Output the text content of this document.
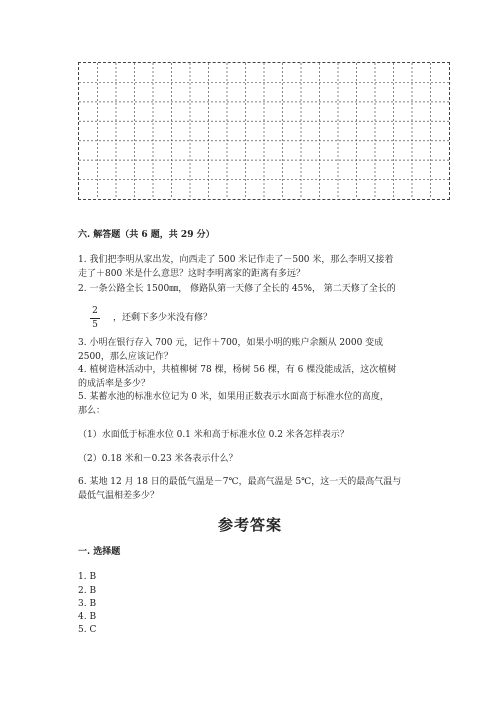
六. 解答题（共 6 题，共 29 分）
1. 我们把李明从家出发，向西走了 500 米记作走了－500 米，那么李明又接着
走了＋800 米是什么意思？这时李明离家的距离有多远？
2. 一条公路全长 1500㎜， 修路队第一天修了全长的 45%， 第二天修了全长的
2
5
，还剩下多少米没有修？
3. 小明在银行存入 700 元，记作＋700，如果小明的账户余额从 2000 变成
2500，那么应该记作？
4. 植树造林活动中，共植柳树 78 棵，杨树 56 棵，有 6 棵没能成活，这次植树
的成活率是多少？
5. 某蓄水池的标准水位记为 0 米，如果用正数表示水面高于标准水位的高度，
那么：
（1）水面低于标准水位 0.1 米和高于标准水位 0.2 米各怎样表示？
（2）0.18 米和－0.23 米各表示什么？
6. 某地 12 月 18 日的最低气温是－7℃，最高气温是 5℃，这一天的最高气温与
最低气温相差多少？
参考答案
一. 选择题
1. B
2. B
3. B
4. B
5. C
